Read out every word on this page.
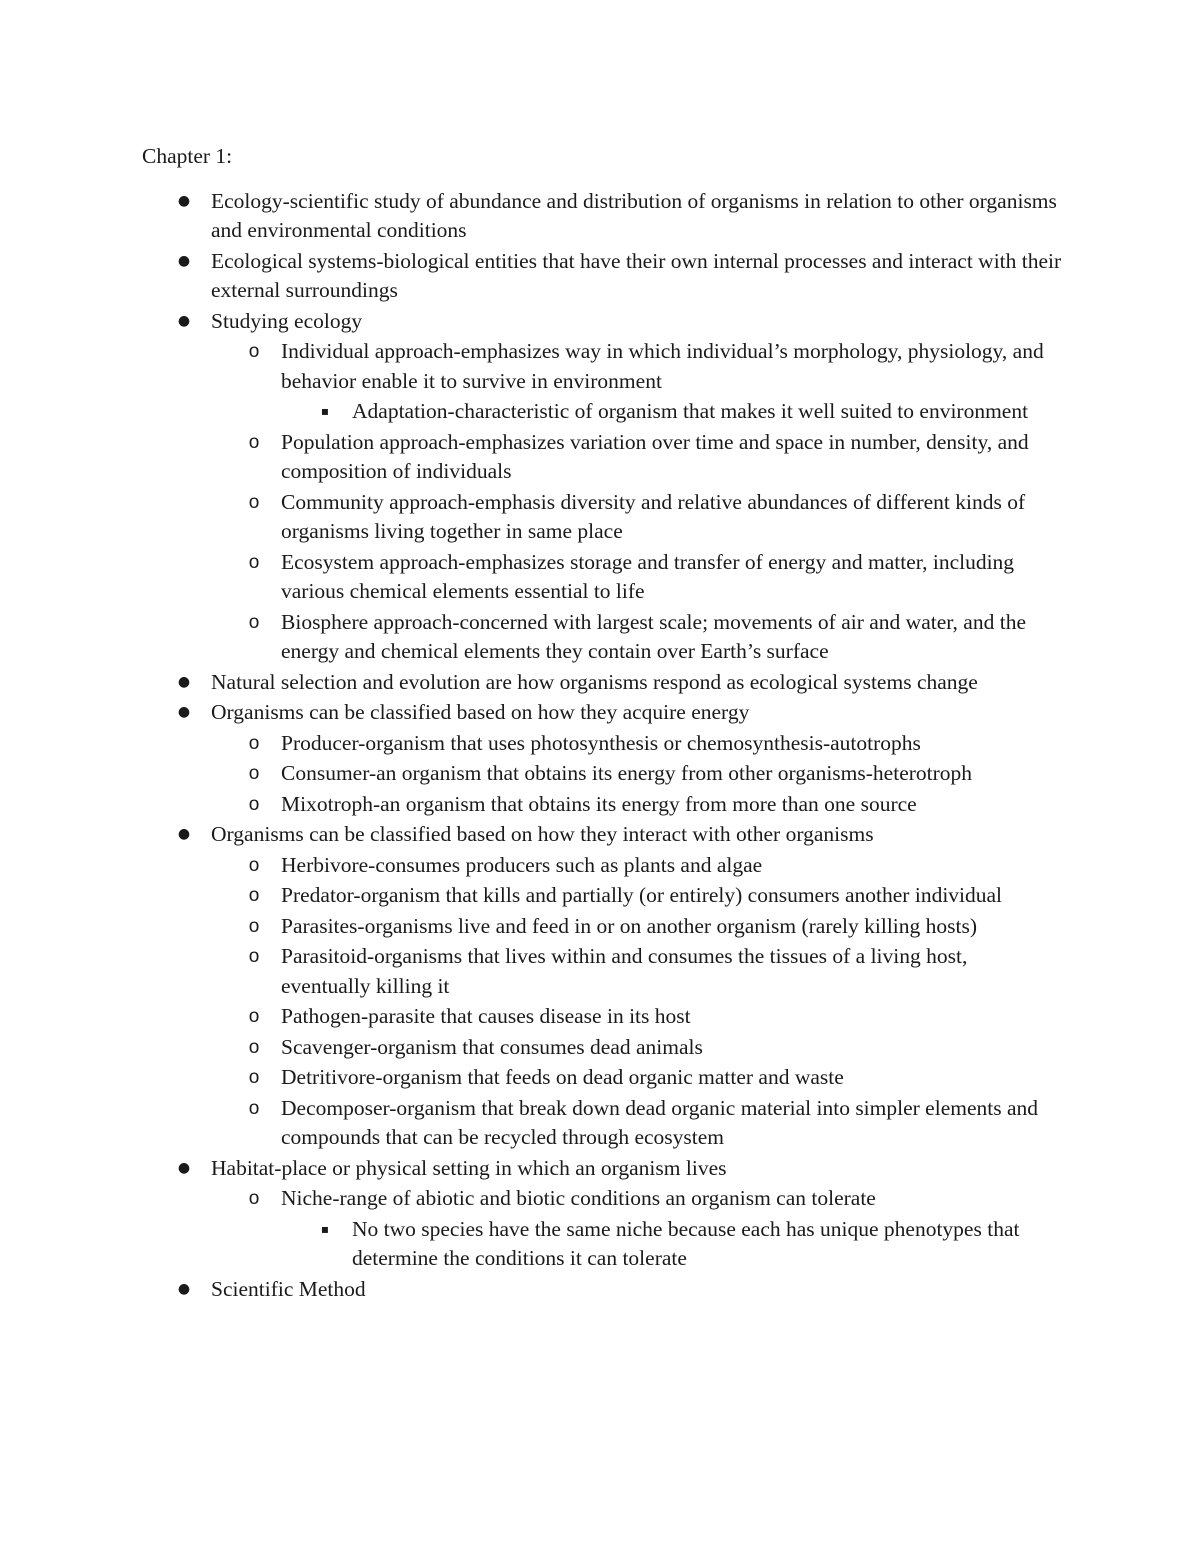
Chapter 1:
● Ecology-scientific study of abundance and distribution of organisms in relation to other organisms and environmental conditions
● Ecological systems-biological entities that have their own internal processes and interact with their external surroundings
● Studying ecology
o Individual approach-emphasizes way in which individual’s morphology, physiology, and behavior enable it to survive in environment
▪ Adaptation-characteristic of organism that makes it well suited to environment
o Population approach-emphasizes variation over time and space in number, density, and composition of individuals
o Community approach-emphasis diversity and relative abundances of different kinds of organisms living together in same place
o Ecosystem approach-emphasizes storage and transfer of energy and matter, including various chemical elements essential to life
o Biosphere approach-concerned with largest scale; movements of air and water, and the energy and chemical elements they contain over Earth’s surface
● Natural selection and evolution are how organisms respond as ecological systems change
● Organisms can be classified based on how they acquire energy
o Producer-organism that uses photosynthesis or chemosynthesis-autotrophs
o Consumer-an organism that obtains its energy from other organisms-heterotroph
o Mixotroph-an organism that obtains its energy from more than one source
● Organisms can be classified based on how they interact with other organisms
o Herbivore-consumes producers such as plants and algae
o Predator-organism that kills and partially (or entirely) consumers another individual
o Parasites-organisms live and feed in or on another organism (rarely killing hosts)
o Parasitoid-organisms that lives within and consumes the tissues of a living host, eventually killing it
o Pathogen-parasite that causes disease in its host
o Scavenger-organism that consumes dead animals
o Detritivore-organism that feeds on dead organic matter and waste
o Decomposer-organism that break down dead organic material into simpler elements and compounds that can be recycled through ecosystem
● Habitat-place or physical setting in which an organism lives
o Niche-range of abiotic and biotic conditions an organism can tolerate
▪ No two species have the same niche because each has unique phenotypes that determine the conditions it can tolerate
● Scientific Method
